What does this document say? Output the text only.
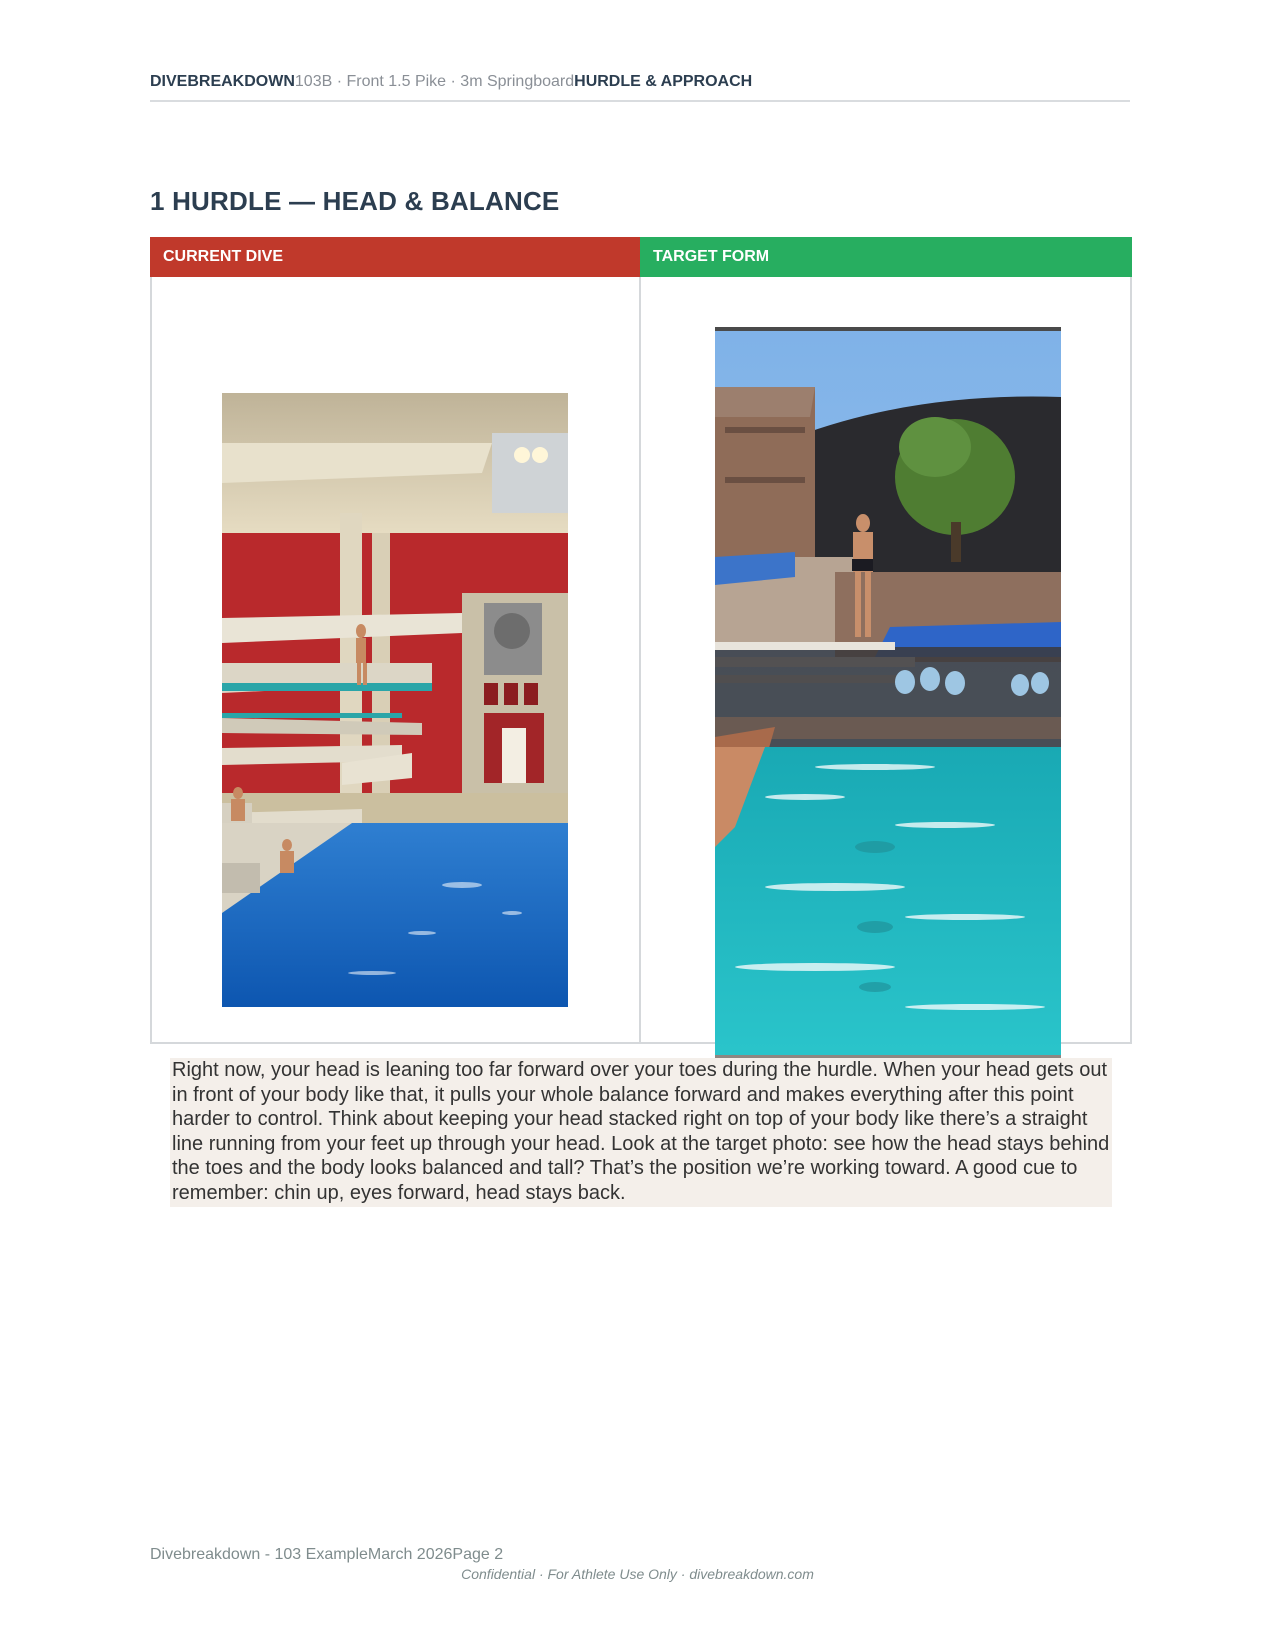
DIVEBREAKDOWN103B · Front 1.5 Pike · 3m SpringboardHURDLE & APPROACH
1 HURDLE — HEAD & BALANCE
CURRENT DIVE	TARGET FORM
Right now, your head is leaning too far forward over your toes during the hurdle. When your head gets out in front of your body like that, it pulls your whole balance forward and makes everything after this point harder to control. Think about keeping your head stacked right on top of your body like there’s a straight line running from your feet up through your head. Look at the target photo: see how the head stays behind the toes and the body looks balanced and tall? That’s the position we’re working toward. A good cue to remember: chin up, eyes forward, head stays back.
Divebreakdown - 103 ExampleMarch 2026Page 2
Confidential · For Athlete Use Only · divebreakdown.com
